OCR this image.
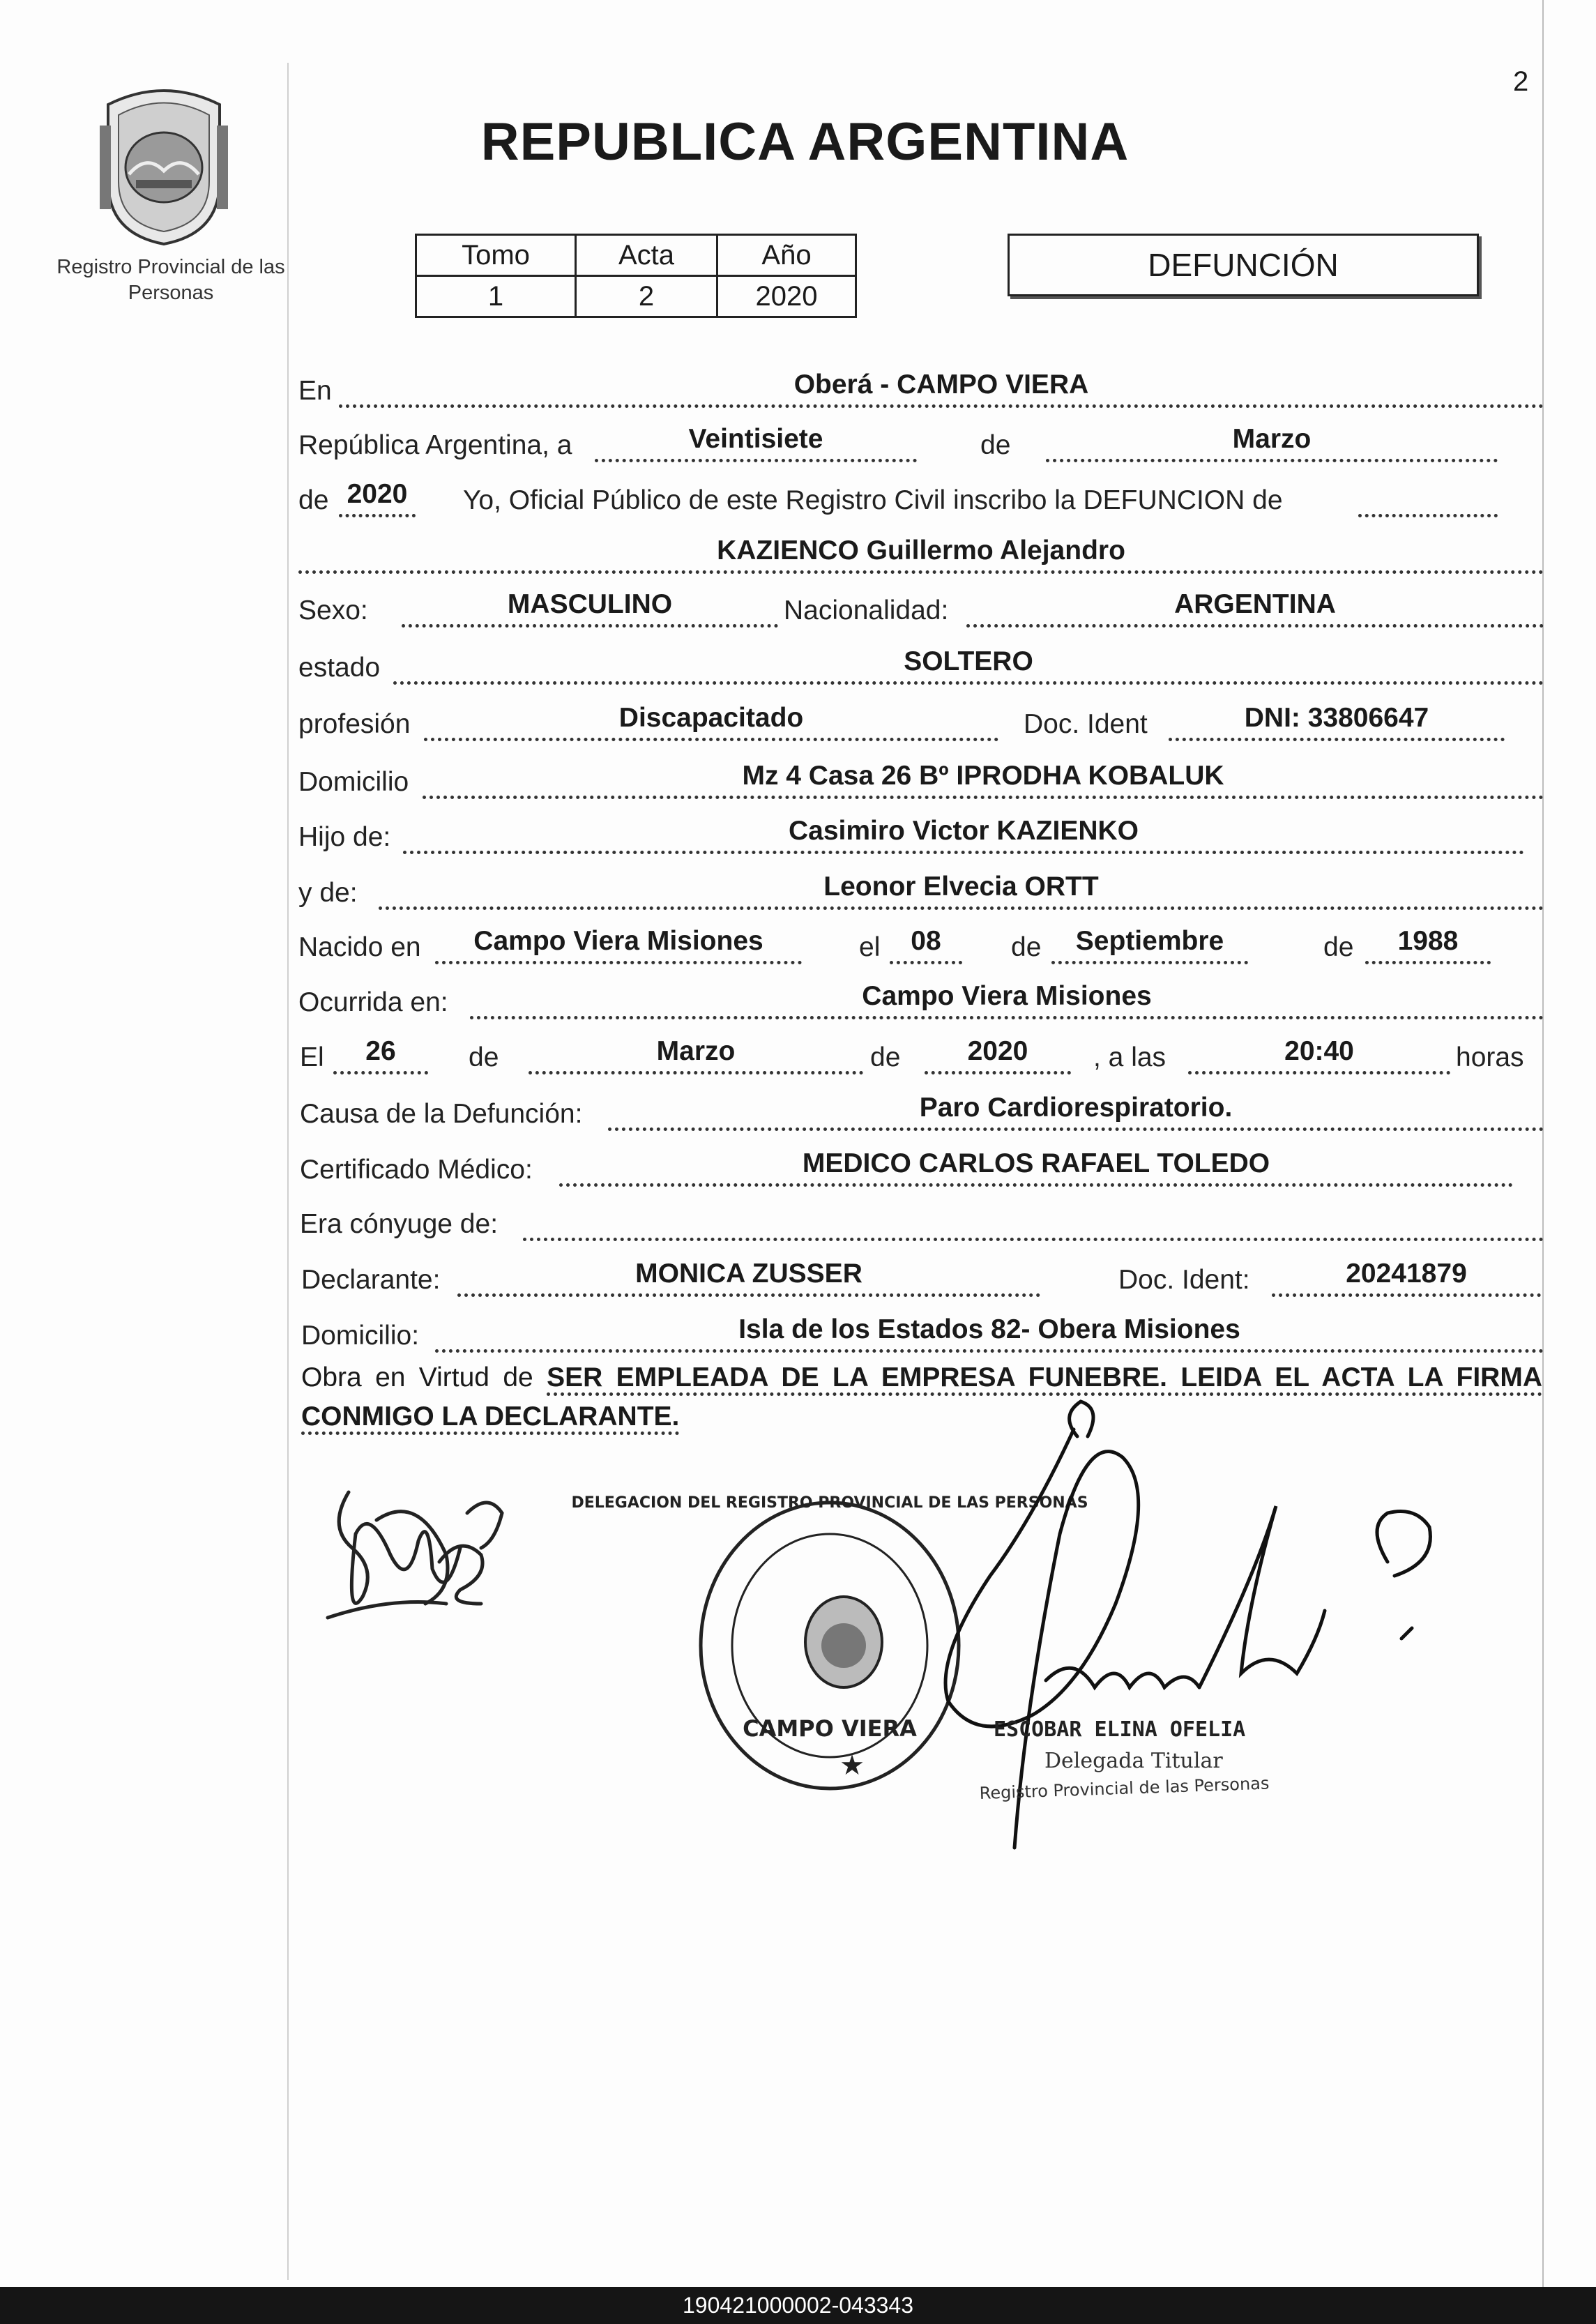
2
Registro Provincial de las Personas
REPUBLICA ARGENTINA
Tomo	Acta	Año
1	2	2020
DEFUNCIÓN
En	Oberá - CAMPO VIERA
República Argentina, a	Veintisiete	de	Marzo
de 2020 Yo, Oficial Público de este Registro Civil inscribo la DEFUNCION de
KAZIENCO Guillermo Alejandro
Sexo:	MASCULINO	Nacionalidad:	ARGENTINA
estado	SOLTERO
profesión	Discapacitado	Doc. Ident	DNI: 33806647
Domicilio	Mz 4 Casa 26 Bº IPRODHA KOBALUK
Hijo de:	Casimiro Victor KAZIENKO
y de:	Leonor Elvecia ORTT
Nacido en	Campo Viera Misiones	el	08	de	Septiembre	de	1988
Ocurrida en:	Campo Viera Misiones
El	26	de	Marzo	de	2020	, a las	20:40	horas
Causa de la Defunción:	Paro Cardiorespiratorio.
Certificado Médico:	MEDICO CARLOS RAFAEL TOLEDO
Era cónyuge de:
Declarante:	MONICA ZUSSER	Doc. Ident:	20241879
Domicilio:	Isla de los Estados 82- Obera Misiones
Obra en Virtud de SER EMPLEADA DE LA EMPRESA FUNEBRE. LEIDA EL ACTA LA FIRMA CONMIGO LA DECLARANTE.
CAMPO VIERA
DELEGACION DEL REGISTRO PROVINCIAL DE LAS PERSONAS
★
ESCOBAR ELINA OFELIA
Delegada Titular
Registro Provincial de las Personas
190421000002-043343
